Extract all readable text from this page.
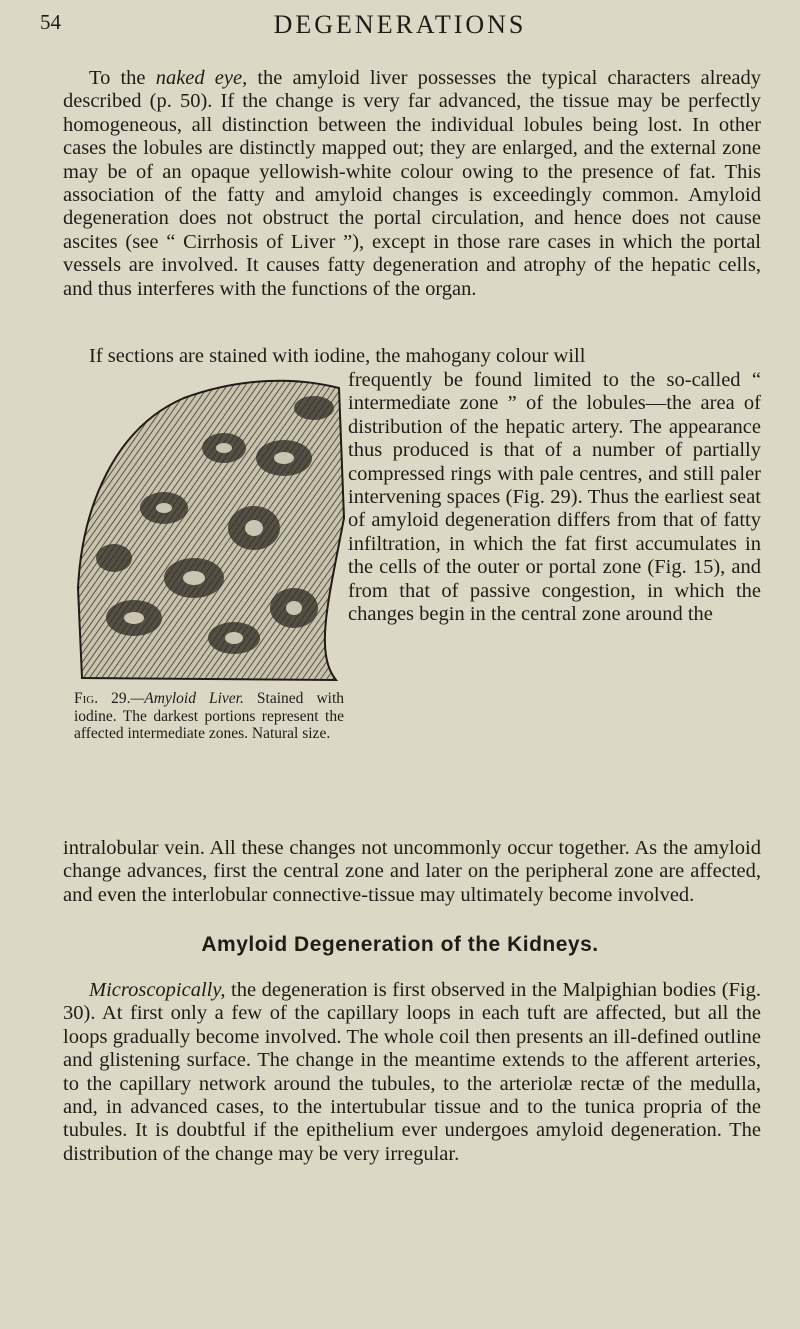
54	DEGENERATIONS

To the naked eye, the amyloid liver possesses the typical characters already described (p. 50). If the change is very far advanced, the tissue may be perfectly homogeneous, all distinction between the individual lobules being lost. In other cases the lobules are distinctly mapped out; they are enlarged, and the external zone may be of an opaque yellowish-white colour owing to the presence of fat. This association of the fatty and amyloid changes is exceedingly common. Amyloid degeneration does not obstruct the portal circulation, and hence does not cause ascites (see “ Cirrhosis of Liver ”), except in those rare cases in which the portal vessels are involved. It causes fatty degeneration and atrophy of the hepatic cells, and thus interferes with the functions of the organ.

If sections are stained with iodine, the mahogany colour will

frequently be found limited to the so-called “ intermediate zone ” of the lobules—the area of distribution of the hepatic artery. The appearance thus produced is that of a number of partially compressed rings with pale centres, and still paler intervening spaces (Fig. 29). Thus the earliest seat of amyloid degeneration differs from that of fatty infiltration, in which the fat first accumulates in the cells of the outer or portal zone (Fig. 15), and from that of passive congestion, in which the changes begin in the central zone around the

Fig. 29.—Amyloid Liver. Stained with iodine. The darkest portions represent the affected intermediate zones. Natural size.

intralobular vein. All these changes not uncommonly occur together. As the amyloid change advances, first the central zone and later on the peripheral zone are affected, and even the interlobular connective-tissue may ultimately become involved.

Amyloid Degeneration of the Kidneys.

Microscopically, the degeneration is first observed in the Malpighian bodies (Fig. 30). At first only a few of the capillary loops in each tuft are affected, but all the loops gradually become involved. The whole coil then presents an ill-defined outline and glistening surface. The change in the meantime extends to the afferent arteries, to the capillary network around the tubules, to the arteriolæ rectæ of the medulla, and, in advanced cases, to the intertubular tissue and to the tunica propria of the tubules. It is doubtful if the epithelium ever undergoes amyloid degeneration. The distribution of the change may be very irregular.
